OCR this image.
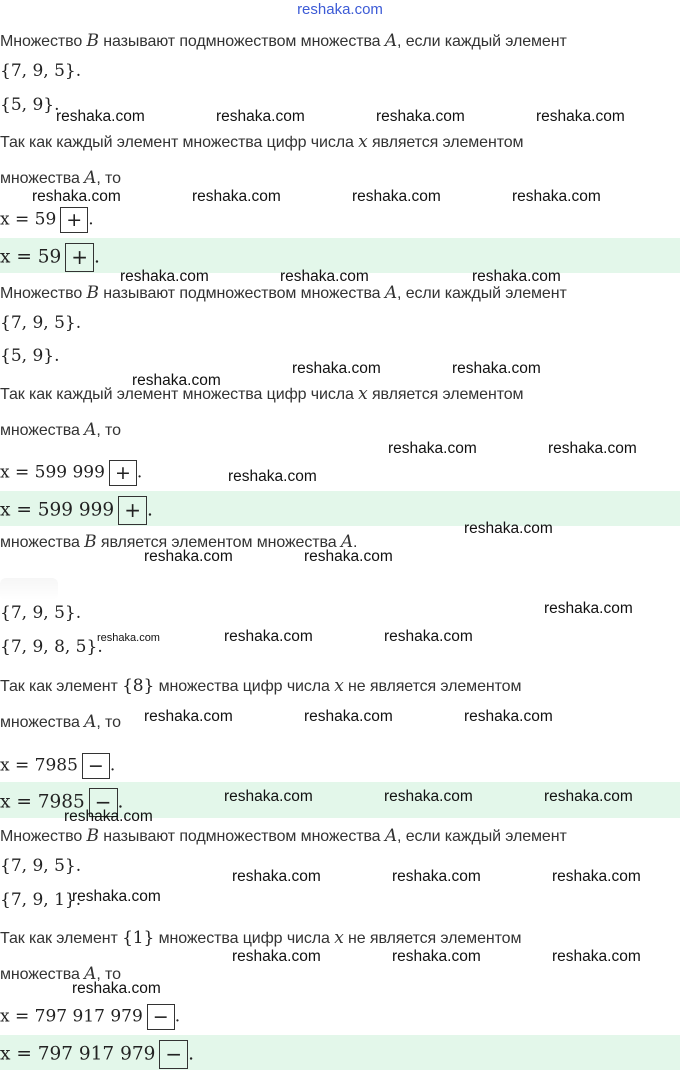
reshaka.com
Множество B называют подмножеством множества A, если каждый элемент
{7, 9, 5}.
{5, 9}.
Так как каждый элемент множества цифр числа x является элементом
множества A, то
x = 59 + .
x = 59 + .
Множество B называют подмножеством множества A, если каждый элемент
{7, 9, 5}.
{5, 9}.
Так как каждый элемент множества цифр числа x является элементом
множества A, то
x = 599 999 + .
x = 599 999 + .
множества B является элементом множества A.
{7, 9, 5}.
{7, 9, 8, 5}.
Так как элемент {8} множества цифр числа x не является элементом
множества A, то
x = 7985 − .
x = 7985 − .
Множество B называют подмножеством множества A, если каждый элемент
{7, 9, 5}.
{7, 9, 1}.
Так как элемент {1} множества цифр числа x не является элементом
множества A, то
x = 797 917 979 − .
x = 797 917 979 − .
reshaka.com	reshaka.com	reshaka.com	reshaka.com
reshaka.com	reshaka.com	reshaka.com	reshaka.com
reshaka.com	reshaka.com	reshaka.com
reshaka.com	reshaka.com
reshaka.com
reshaka.com	reshaka.com
reshaka.com
reshaka.com
reshaka.com	reshaka.com
reshaka.com
reshaka.com	reshaka.com	reshaka.com
reshaka.com	reshaka.com	reshaka.com
reshaka.com	reshaka.com	reshaka.com
reshaka.com
reshaka.com	reshaka.com	reshaka.com
reshaka.com
reshaka.com	reshaka.com	reshaka.com
reshaka.com
